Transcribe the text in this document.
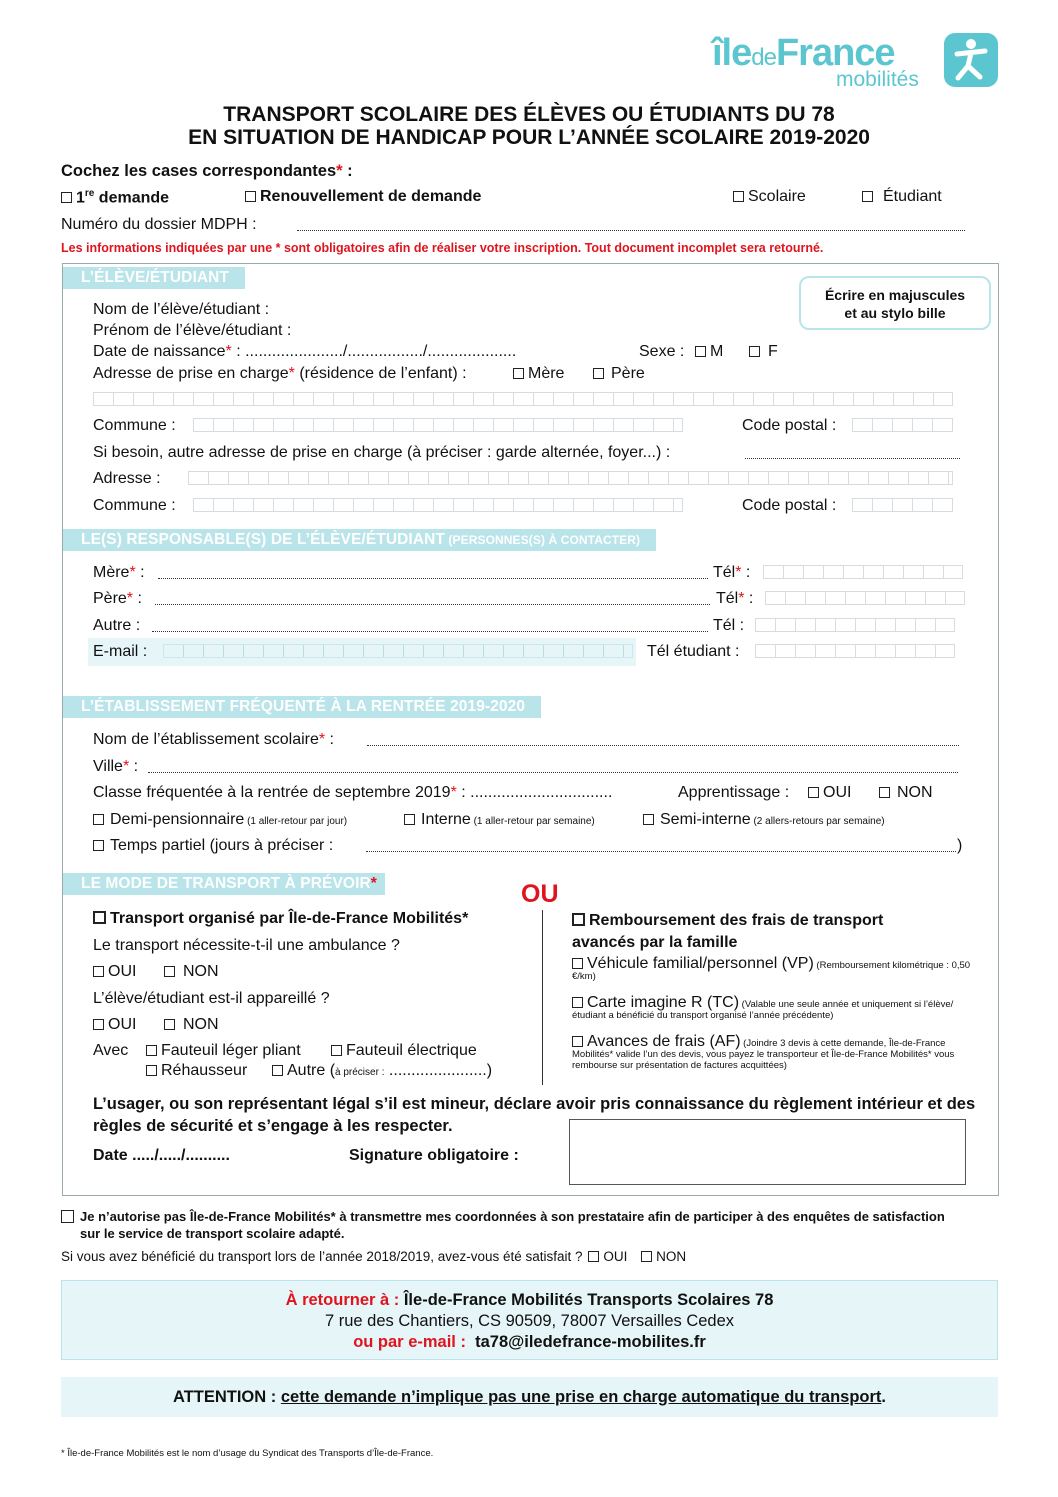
îledeFrance
mobilités
TRANSPORT SCOLAIRE DES ÉLÈVES OU ÉTUDIANTS DU 78
EN SITUATION DE HANDICAP POUR L’ANNÉE SCOLAIRE 2019-2020
Cochez les cases correspondantes* :
1re demande	Renouvellement de demande	Scolaire	Étudiant
Numéro du dossier MDPH :
Les informations indiquées par une * sont obligatoires afin de réaliser votre inscription. Tout document incomplet sera retourné.
L’ÉLÈVE/ÉTUDIANT
Écrire en majuscules
et au stylo bille
Nom de l’élève/étudiant :
Prénom de l’élève/étudiant :
Date de naissance* : ....................../................./....................	Sexe :	M	F
Adresse de prise en charge* (résidence de l’enfant) :	Mère	Père
Commune :	Code postal :
Si besoin, autre adresse de prise en charge (à préciser : garde alternée, foyer...) :
Adresse :
Commune :	Code postal :
LE(S) RESPONSABLE(S) DE L’ÉLÈVE/ÉTUDIANT (PERSONNES(S) À CONTACTER)
Mère* :	Tél* :
Père* :	Tél* :
Autre :	Tél :
E-mail :	Tél étudiant :
L’ÉTABLISSEMENT FRÉQUENTÉ À LA RENTRÉE 2019-2020
Nom de l’établissement scolaire* :
Ville* :
Classe fréquentée à la rentrée de septembre 2019* : ................................	Apprentissage :	OUI	NON
Demi-pensionnaire (1 aller-retour par jour)	Interne (1 aller-retour par semaine)	Semi-interne (2 allers-retours par semaine)
Temps partiel (jours à préciser :	)
LE MODE DE TRANSPORT À PRÉVOIR*	OU
Transport organisé par Île-de-France Mobilités*
Le transport nécessite-t-il une ambulance ?
OUI	NON
L’élève/étudiant est-il appareillé ?
OUI	NON
Avec	Fauteuil léger pliant	Fauteuil électrique
Réhausseur	Autre (à préciser : ......................)
Remboursement des frais de transport
avancés par la famille
Véhicule familial/personnel (VP) (Remboursement kilométrique : 0,50 €/km)
Carte imagine R (TC) (Valable une seule année et uniquement si l’élève/étudiant a bénéficié du transport organisé l’année précédente)
Avances de frais (AF) (Joindre 3 devis à cette demande, Île-de-France Mobilités* valide l’un des devis, vous payez le transporteur et Île-de-France Mobilités* vous rembourse sur présentation de factures acquittées)
L’usager, ou son représentant légal s’il est mineur, déclare avoir pris connaissance du règlement intérieur et des règles de sécurité et s’engage à les respecter.
Date ...../...../..........	Signature obligatoire :
Je n’autorise pas Île-de-France Mobilités* à transmettre mes coordonnées à son prestataire afin de participer à des enquêtes de satisfaction sur le service de transport scolaire adapté.
Si vous avez bénéficié du transport lors de l’année 2018/2019, avez-vous été satisfait ? OUI NON
À retourner à : Île-de-France Mobilités Transports Scolaires 78
7 rue des Chantiers, CS 90509, 78007 Versailles Cedex
ou par e-mail : ta78@iledefrance-mobilites.fr
ATTENTION : cette demande n’implique pas une prise en charge automatique du transport.
* Île-de-France Mobilités est le nom d’usage du Syndicat des Transports d’Île-de-France.
